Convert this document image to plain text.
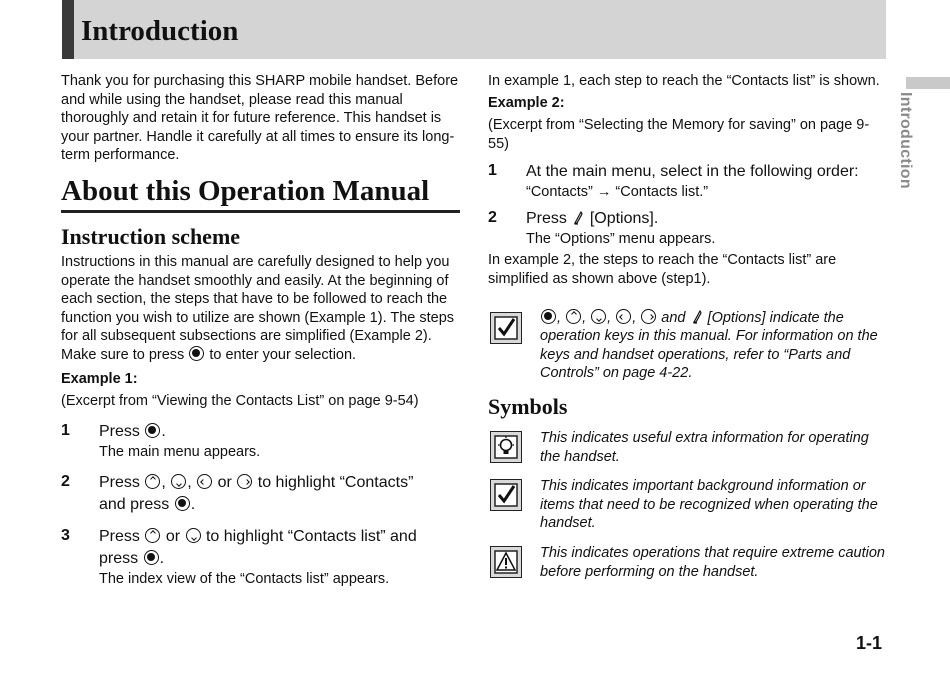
Introduction
Introduction

Thank you for purchasing this SHARP mobile handset. Before and while using the handset, please read this manual thoroughly and retain it for future reference. This handset is your partner. Handle it carefully at all times to ensure its long-term performance.

About this Operation Manual
Instruction scheme

Instructions in this manual are carefully designed to help you operate the handset smoothly and easily. At the beginning of each section, the steps that have to be followed to reach the function you wish to utilize are shown (Example 1). The steps for all subsequent subsections are simplified (Example 2). Make sure to press to enter your selection.

Example 1:

(Excerpt from “Viewing the Contacts List” on page 9-54)

1 Press .
The main menu appears.
2 Press , , or to highlight “Contacts”
and press .
3 Press or to highlight “Contacts list” and
press .
The index view of the “Contacts list” appears.

In example 1, each step to reach the “Contacts list” is shown.

Example 2:

(Excerpt from “Selecting the Memory for saving” on page 9-55)

1 At the main menu, select in the following order:
“Contacts” → “Contacts list.”
2 Press [Options].
The “Options” menu appears.

In example 2, the steps to reach the “Contacts list” are simplified as shown above (step1).

, , , , and [Options] indicate the operation keys in this manual. For information on the keys and handset operations, refer to “Parts and Controls” on page 4-22.

Symbols

This indicates useful extra information for operating the handset.

This indicates important background information or items that need to be recognized when operating the handset.

This indicates operations that require extreme caution before performing on the handset.

1-1
